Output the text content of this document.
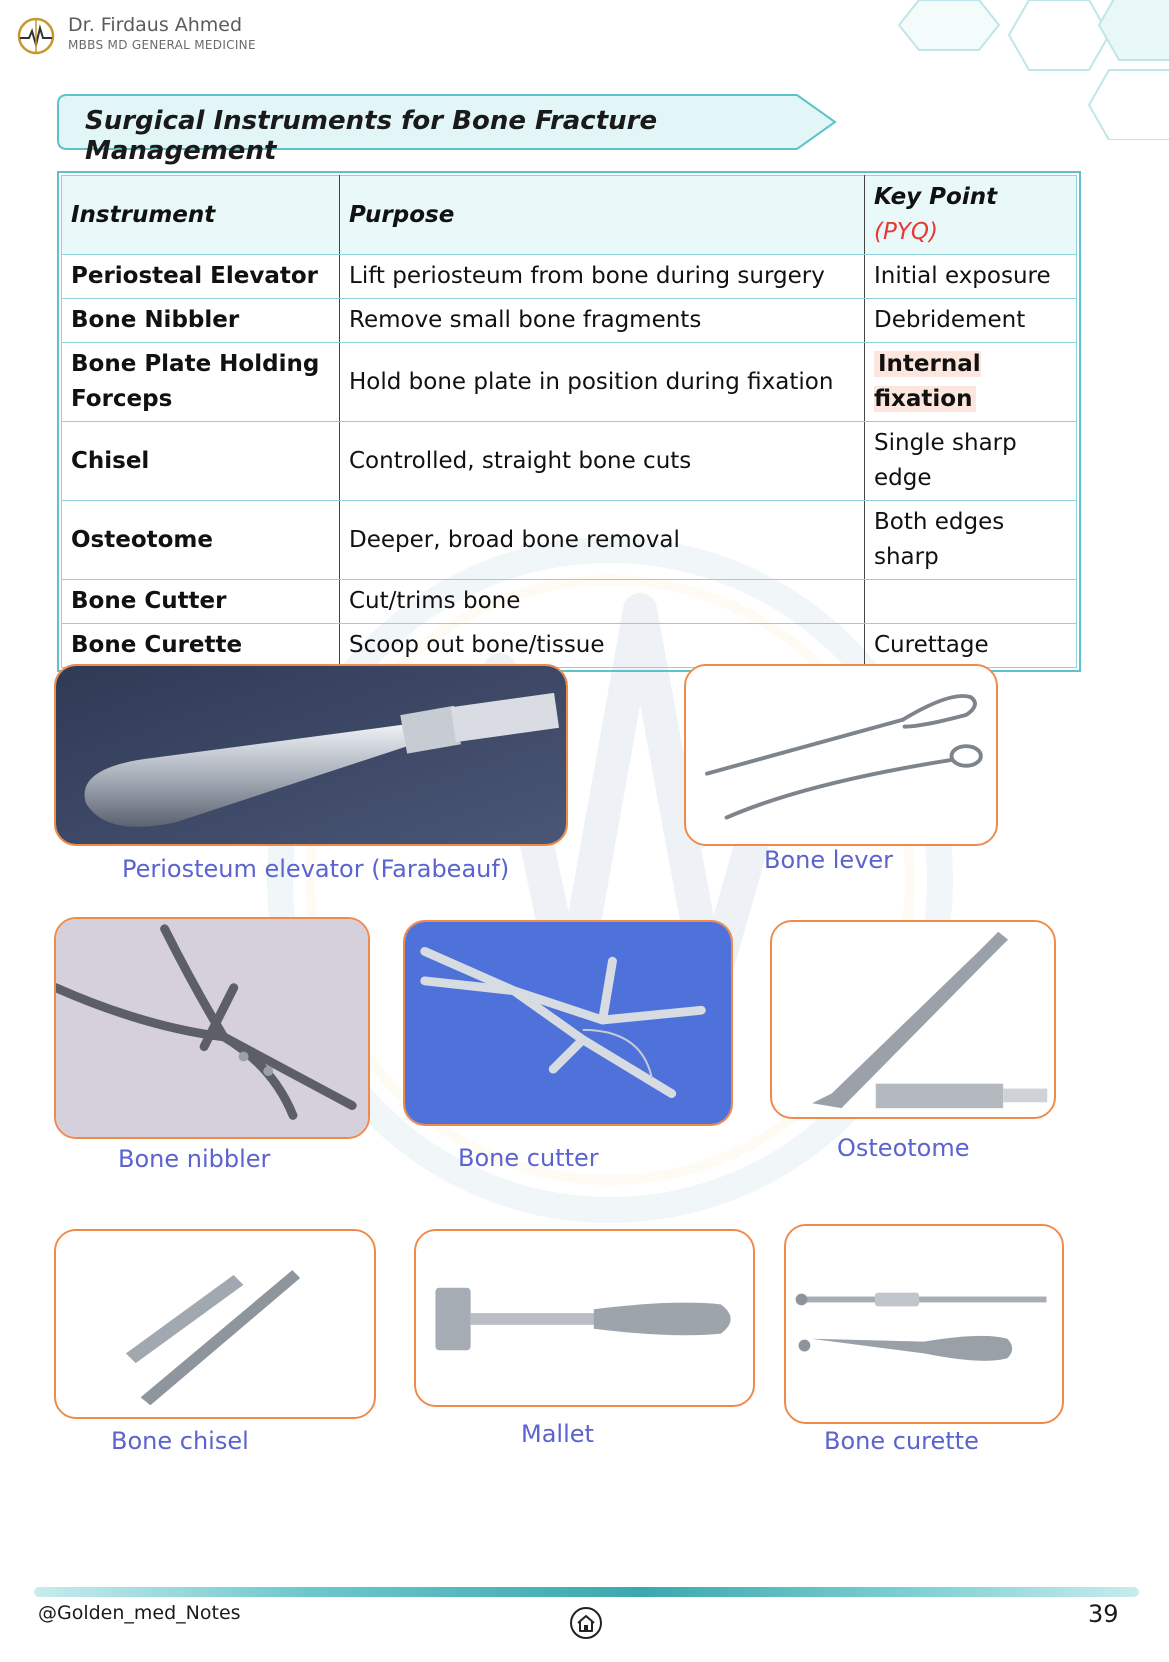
Dr. Firdaus Ahmed
MBBS MD GENERAL MEDICINE
Surgical Instruments for Bone Fracture Management
Instrument	Purpose	Key Point (PYQ)
Periosteal Elevator	Lift periosteum from bone during surgery	Initial exposure
Bone Nibbler	Remove small bone fragments	Debridement
Bone Plate Holding Forceps	Hold bone plate in position during fixation	Internal fixation
Chisel	Controlled, straight bone cuts	Single sharp edge
Osteotome	Deeper, broad bone removal	Both edges sharp
Bone Cutter	Cut/trims bone	
Bone Curette	Scoop out bone/tissue	Curettage
Periosteum elevator (Farabeauf)	Bone lever
Bone nibbler	Bone cutter	Osteotome
Bone chisel	Mallet	Bone curette
@Golden_med_Notes	39
